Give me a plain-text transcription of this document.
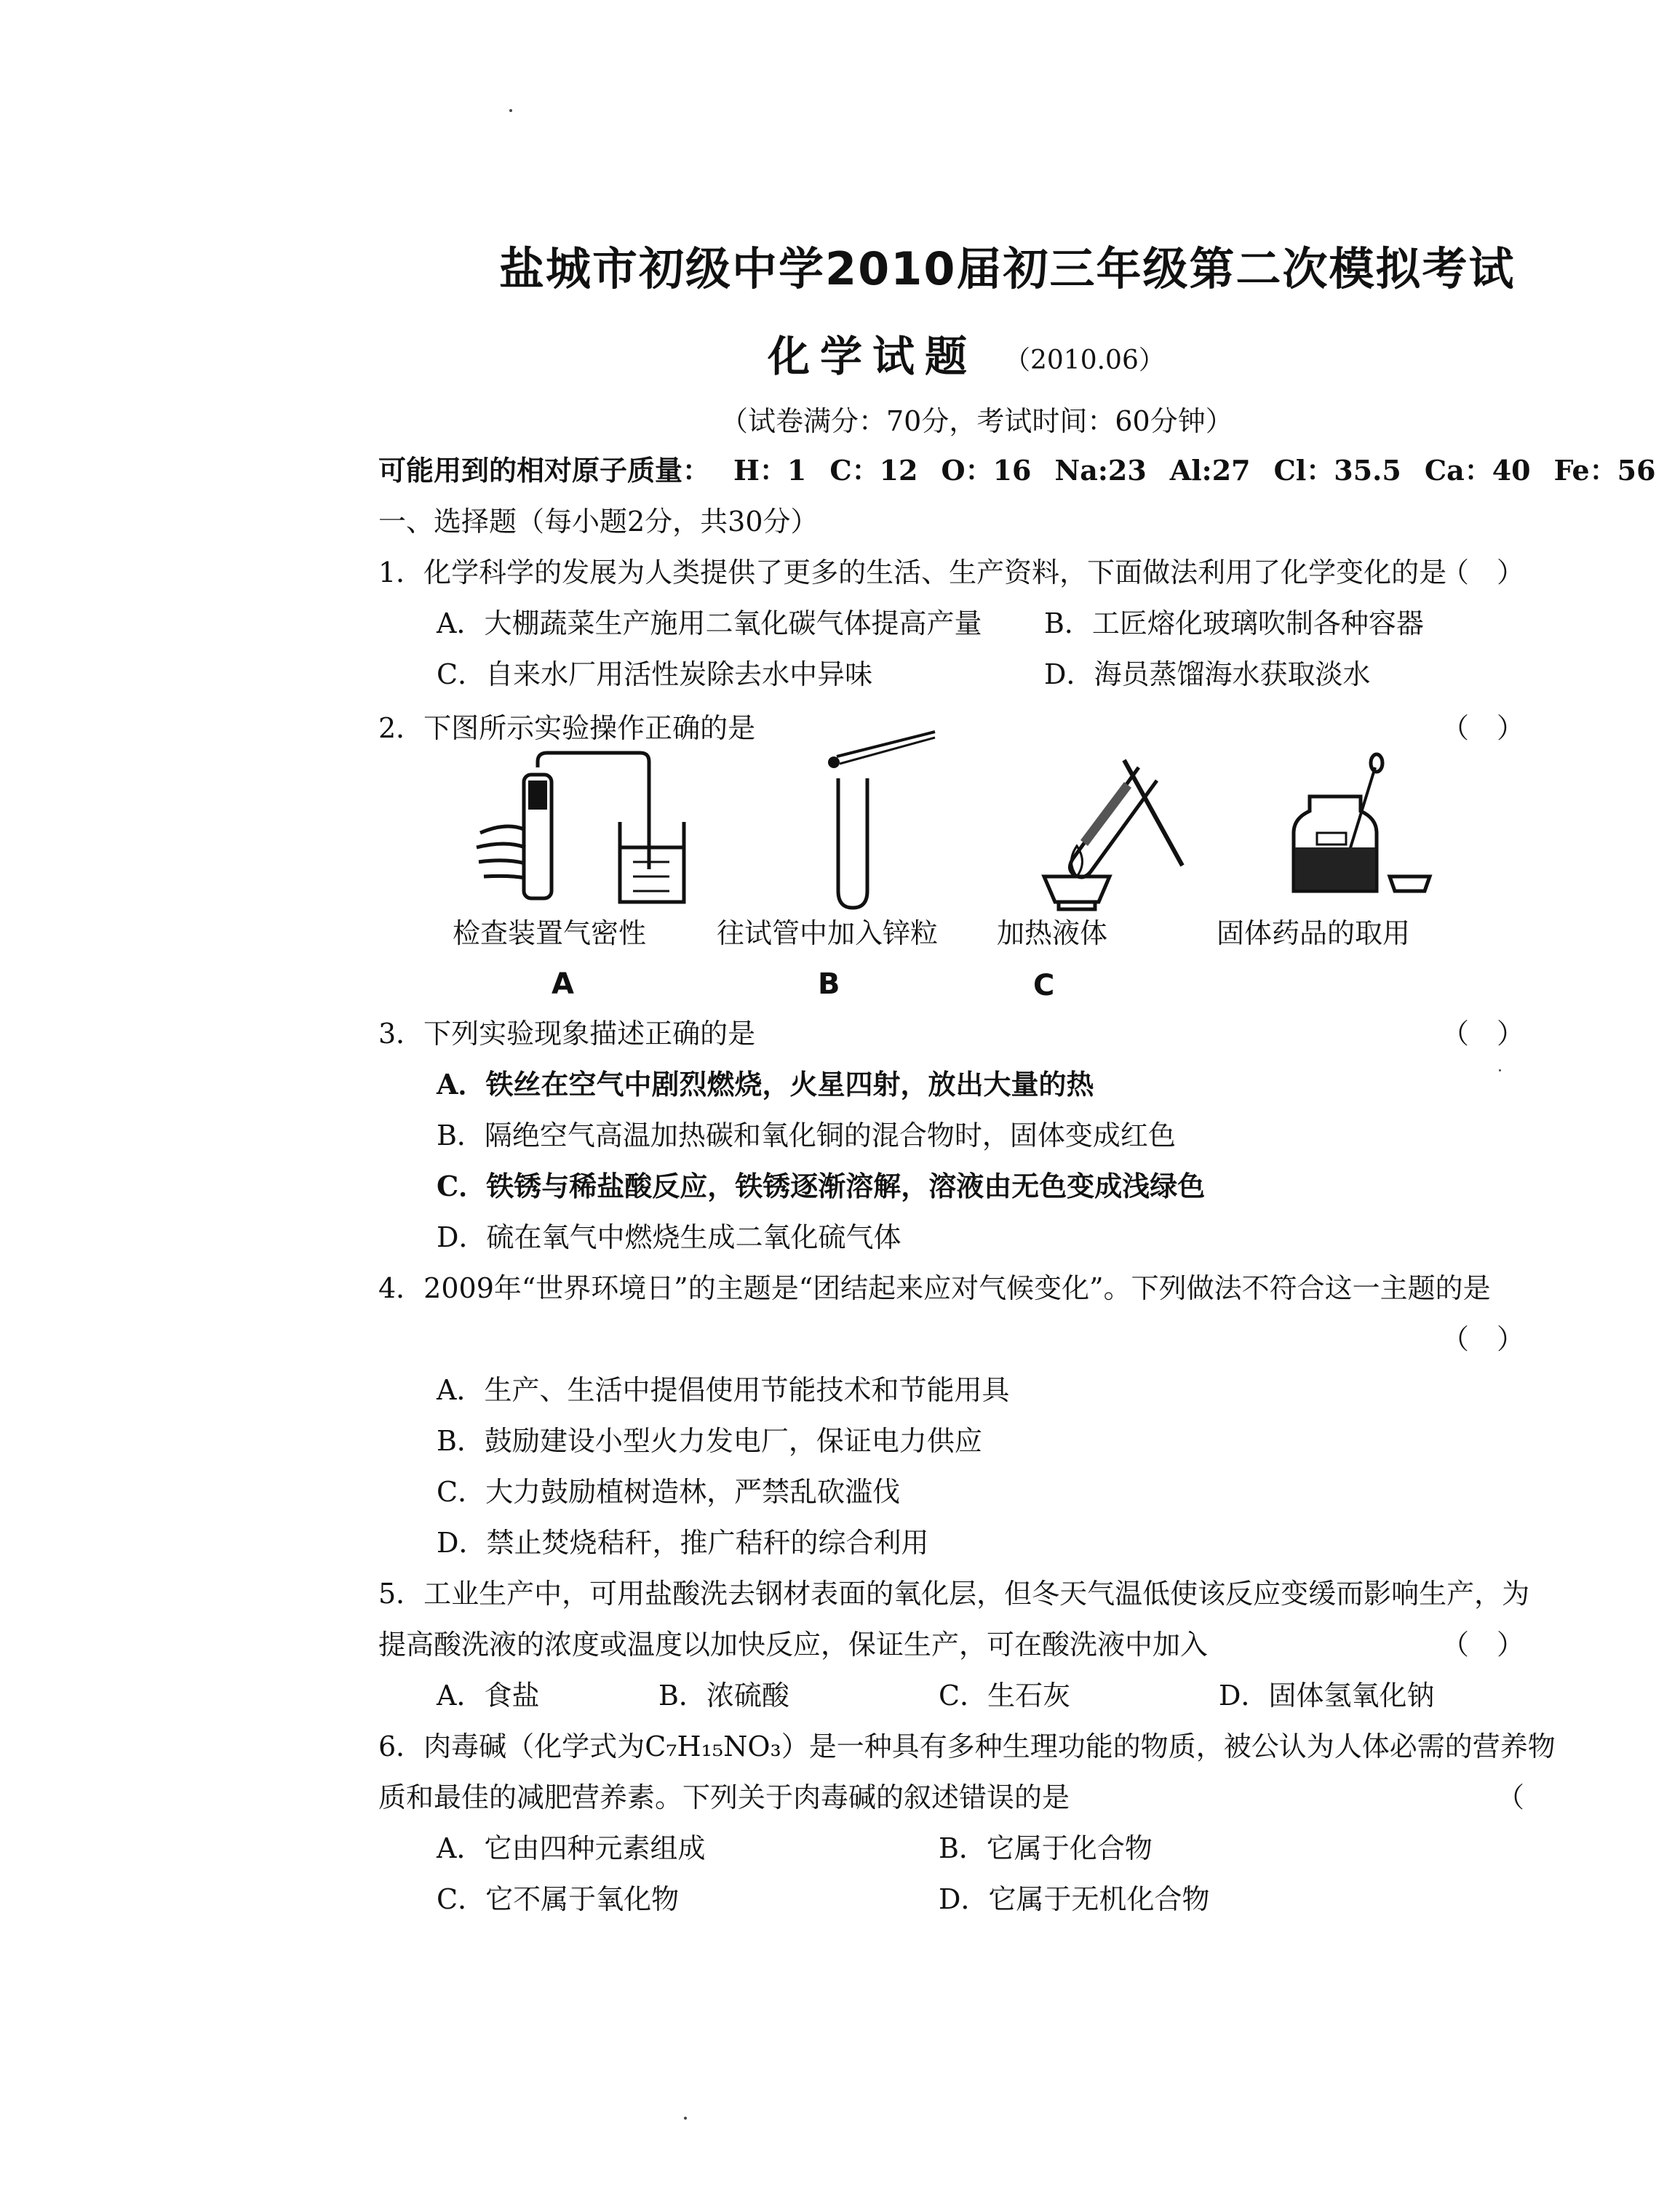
盐城市初级中学2010届初三年级第二次模拟考试
化学试题 （2010.06）
（试卷满分：70分，考试时间：60分钟）
可能用到的相对原子质量： H：1 C：12 O：16 Na:23 Al:27 Cl：35.5 Ca：40 Fe：56
一、选择题（每小题2分，共30分）
1．化学科学的发展为人类提供了更多的生活、生产资料，下面做法利用了化学变化的是
（　）
A．大棚蔬菜生产施用二氧化碳气体提高产量 B．工匠熔化玻璃吹制各种容器
C．自来水厂用活性炭除去水中异味	D．海员蒸馏海水获取淡水
2．下图所示实验操作正确的是	（　）
检查装置气密性	往试管中加入锌粒 加热液体	固体药品的取用
A	B	C
3．下列实验现象描述正确的是	（　）
A．铁丝在空气中剧烈燃烧，火星四射，放出大量的热
B．隔绝空气高温加热碳和氧化铜的混合物时，固体变成红色
C．铁锈与稀盐酸反应，铁锈逐渐溶解，溶液由无色变成浅绿色
D．硫在氧气中燃烧生成二氧化硫气体
4．2009年“世界环境日”的主题是“团结起来应对气候变化”。下列做法不符合这一主题的是
（　）
A．生产、生活中提倡使用节能技术和节能用具
B．鼓励建设小型火力发电厂，保证电力供应
C．大力鼓励植树造林，严禁乱砍滥伐
D．禁止焚烧秸秆，推广秸秆的综合利用
5．工业生产中，可用盐酸洗去钢材表面的氧化层，但冬天气温低使该反应变缓而影响生产，为
提高酸洗液的浓度或温度以加快反应，保证生产，可在酸洗液中加入	（　）
A．食盐	B．浓硫酸	C．生石灰	D．固体氢氧化钠
6．肉毒碱（化学式为C₇H₁₅NO₃）是一种具有多种生理功能的物质，被公认为人体必需的营养物
质和最佳的减肥营养素。下列关于肉毒碱的叙述错误的是	（
A．它由四种元素组成	B．它属于化合物
C．它不属于氧化物	D．它属于无机化合物
